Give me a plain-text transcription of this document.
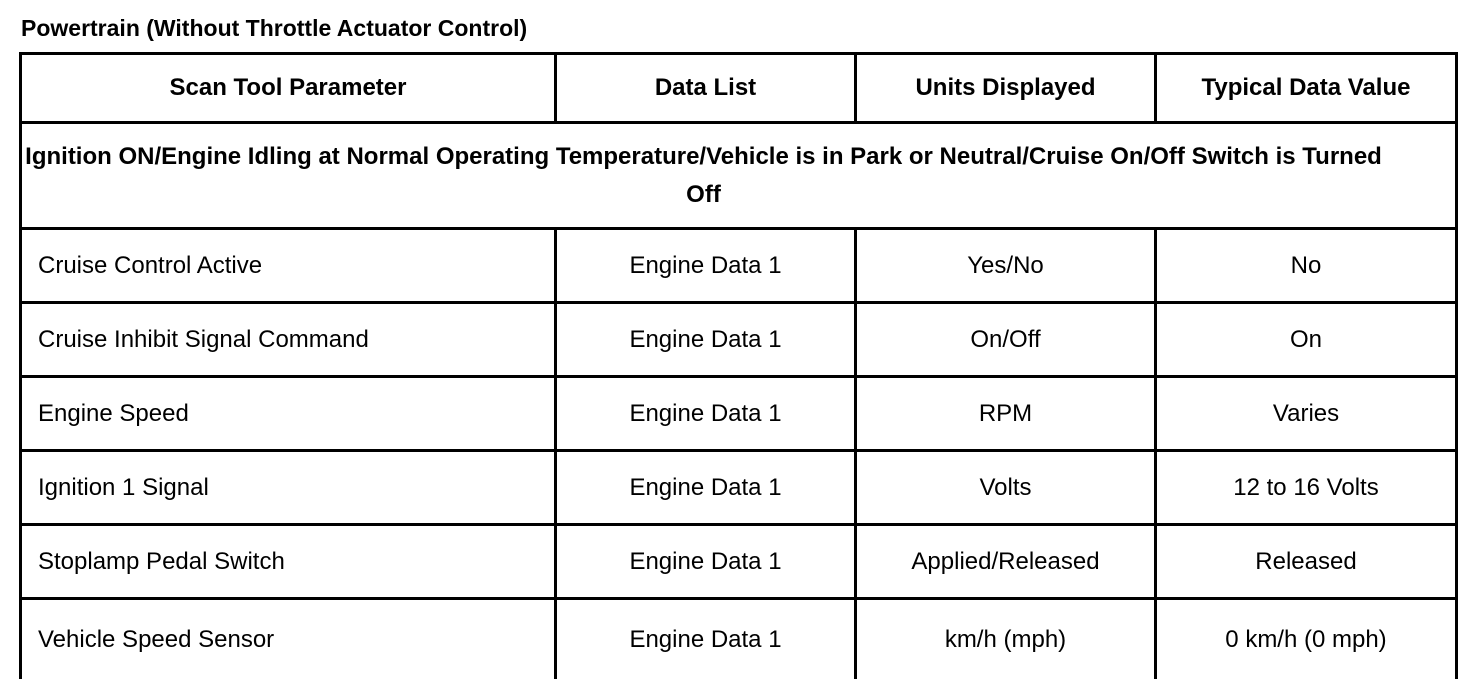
Powertrain (Without Throttle Actuator Control)
Scan Tool Parameter	Data List	Units Displayed	Typical Data Value

Ignition ON/Engine Idling at Normal Operating Temperature/Vehicle is in Park or Neutral/Cruise On/Off Switch is Turned Off			

Cruise Control Active	Engine Data 1	Yes/No	No
Cruise Inhibit Signal Command	Engine Data 1	On/Off	On
Engine Speed	Engine Data 1	RPM	Varies
Ignition 1 Signal	Engine Data 1	Volts	12 to 16 Volts
Stoplamp Pedal Switch	Engine Data 1	Applied/Released	Released
Vehicle Speed Sensor	Engine Data 1	km/h (mph)	0 km/h (0 mph)
